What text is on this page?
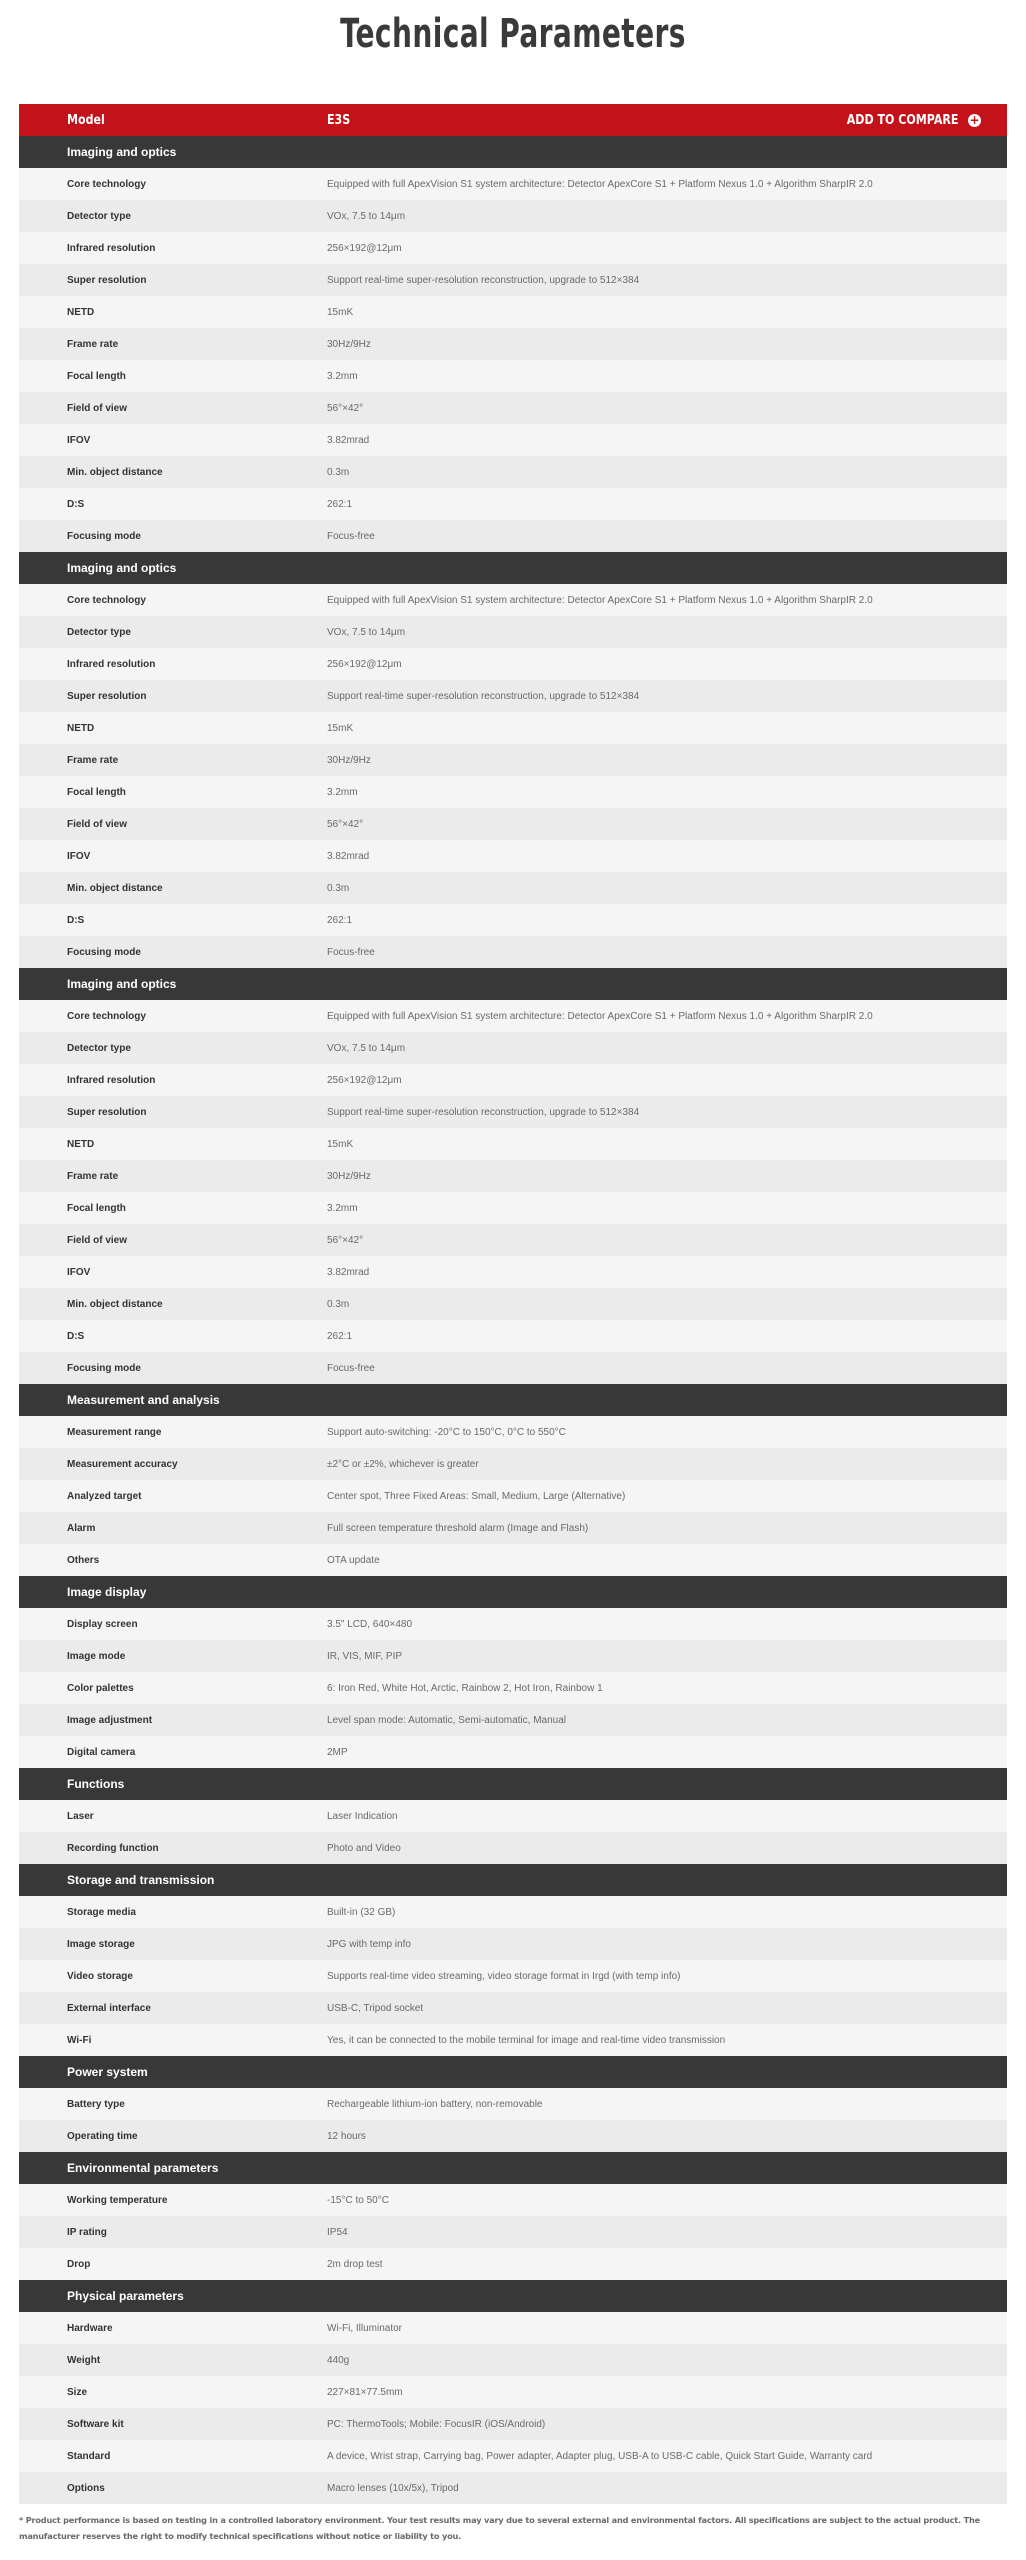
Technical Parameters
Model	E3S	ADD TO COMPARE +
Imaging and optics
Core technology	Equipped with full ApexVision S1 system architecture: Detector ApexCore S1 + Platform Nexus 1.0 + Algorithm SharpIR 2.0
Detector type	VOx, 7.5 to 14μm
Infrared resolution	256×192@12μm
Super resolution	Support real-time super-resolution reconstruction, upgrade to 512×384
NETD	15mK
Frame rate	30Hz/9Hz
Focal length	3.2mm
Field of view	56°×42°
IFOV	3.82mrad
Min. object distance	0.3m
D:S	262:1
Focusing mode	Focus-free
Imaging and optics
Core technology	Equipped with full ApexVision S1 system architecture: Detector ApexCore S1 + Platform Nexus 1.0 + Algorithm SharpIR 2.0
Detector type	VOx, 7.5 to 14μm
Infrared resolution	256×192@12μm
Super resolution	Support real-time super-resolution reconstruction, upgrade to 512×384
NETD	15mK
Frame rate	30Hz/9Hz
Focal length	3.2mm
Field of view	56°×42°
IFOV	3.82mrad
Min. object distance	0.3m
D:S	262:1
Focusing mode	Focus-free
Imaging and optics
Core technology	Equipped with full ApexVision S1 system architecture: Detector ApexCore S1 + Platform Nexus 1.0 + Algorithm SharpIR 2.0
Detector type	VOx, 7.5 to 14μm
Infrared resolution	256×192@12μm
Super resolution	Support real-time super-resolution reconstruction, upgrade to 512×384
NETD	15mK
Frame rate	30Hz/9Hz
Focal length	3.2mm
Field of view	56°×42°
IFOV	3.82mrad
Min. object distance	0.3m
D:S	262:1
Focusing mode	Focus-free
Measurement and analysis
Measurement range	Support auto-switching: -20°C to 150°C, 0°C to 550°C
Measurement accuracy	±2°C or ±2%, whichever is greater
Analyzed target	Center spot, Three Fixed Areas: Small, Medium, Large (Alternative)
Alarm	Full screen temperature threshold alarm (Image and Flash)
Others	OTA update
Image display
Display screen	3.5" LCD, 640×480
Image mode	IR, VIS, MIF, PIP
Color palettes	6: Iron Red, White Hot, Arctic, Rainbow 2, Hot Iron, Rainbow 1
Image adjustment	Level span mode: Automatic, Semi-automatic, Manual
Digital camera	2MP
Functions
Laser	Laser Indication
Recording function	Photo and Video
Storage and transmission
Storage media	Built-in (32 GB)
Image storage	JPG with temp info
Video storage	Supports real-time video streaming, video storage format in Irgd (with temp info)
External interface	USB-C, Tripod socket
Wi-Fi	Yes, it can be connected to the mobile terminal for image and real-time video transmission
Power system
Battery type	Rechargeable lithium-ion battery, non-removable
Operating time	12 hours
Environmental parameters
Working temperature	-15°C to 50°C
IP rating	IP54
Drop	2m drop test
Physical parameters
Hardware	Wi-Fi, Illuminator
Weight	440g
Size	227×81×77.5mm
Software kit	PC: ThermoTools; Mobile: FocusIR (iOS/Android)
Standard	A device, Wrist strap, Carrying bag, Power adapter, Adapter plug, USB-A to USB-C cable, Quick Start Guide, Warranty card
Options	Macro lenses (10x/5x), Tripod
* Product performance is based on testing in a controlled laboratory environment. Your test results may vary due to several external and environmental factors. All specifications are subject to the actual product. The manufacturer reserves the right to modify technical specifications without notice or liability to you.
